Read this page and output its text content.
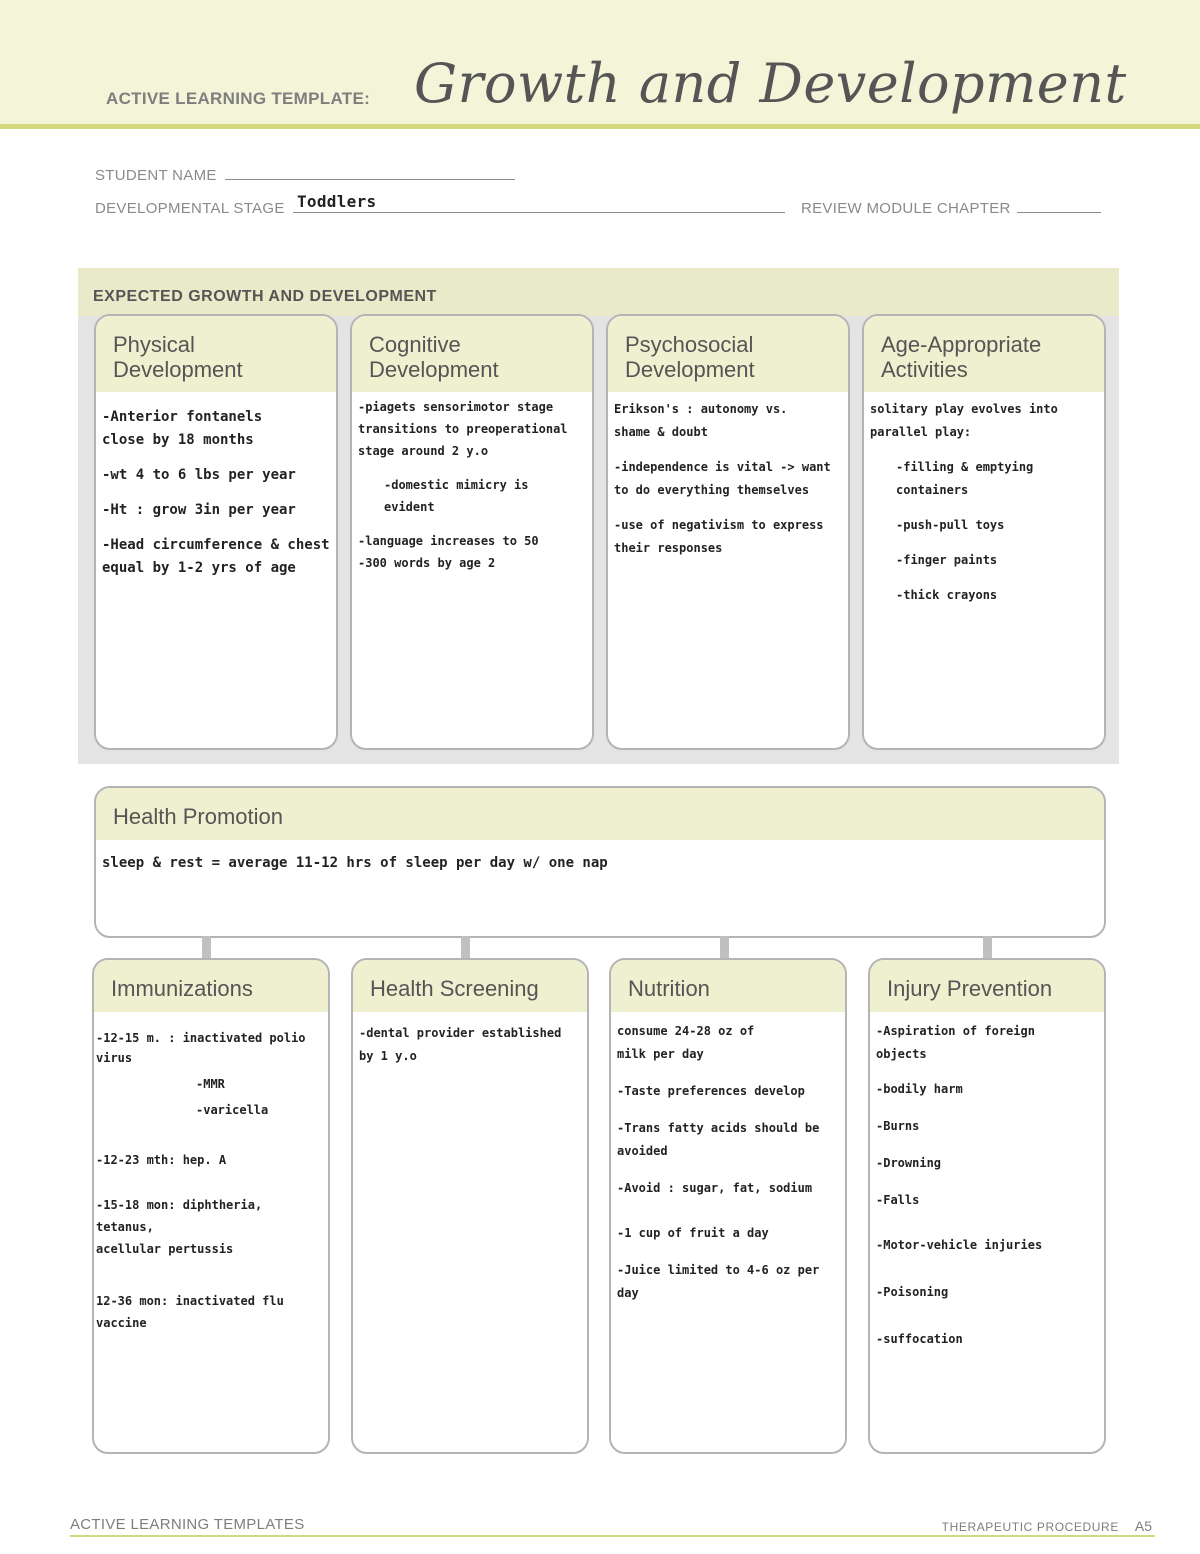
ACTIVE LEARNING TEMPLATE: Growth and Development
STUDENT NAME
DEVELOPMENTAL STAGE Toddlers	REVIEW MODULE CHAPTER
EXPECTED GROWTH AND DEVELOPMENT
Physical
Development
-Anterior fontanels
close by 18 months
-wt 4 to 6 lbs per year
-Ht : grow 3in per year
-Head circumference & chest
equal by 1-2 yrs of age
Cognitive
Development
-piagets sensorimotor stage
transitions to preoperational
stage around 2 y.o
-domestic mimicry is
evident
-language increases to 50
-300 words by age 2
Psychosocial
Development
Erikson's : autonomy vs.
shame & doubt
-independence is vital -> want
to do everything themselves
-use of negativism to express
their responses
Age-Appropriate
Activities
solitary play evolves into
parallel play:
-filling & emptying
containers
-push-pull toys
-finger paints
-thick crayons
Health Promotion
sleep & rest = average 11-12 hrs of sleep per day w/ one nap
Immunizations
-12-15 m. : inactivated polio
virus
-MMR
-varicella
-12-23 mth: hep. A
-15-18 mon: diphtheria, tetanus,
acellular pertussis
12-36 mon: inactivated flu
vaccine
Health Screening
-dental provider established
by 1 y.o
Nutrition
consume 24-28 oz of
milk per day
-Taste preferences develop
-Trans fatty acids should be
avoided
-Avoid : sugar, fat, sodium
-1 cup of fruit a day
-Juice limited to 4-6 oz per
day
Injury Prevention
-Aspiration of foreign
objects
-bodily harm
-Burns
-Drowning
-Falls
-Motor-vehicle injuries
-Poisoning
-suffocation
ACTIVE LEARNING TEMPLATES	THERAPEUTIC PROCEDURE A5
